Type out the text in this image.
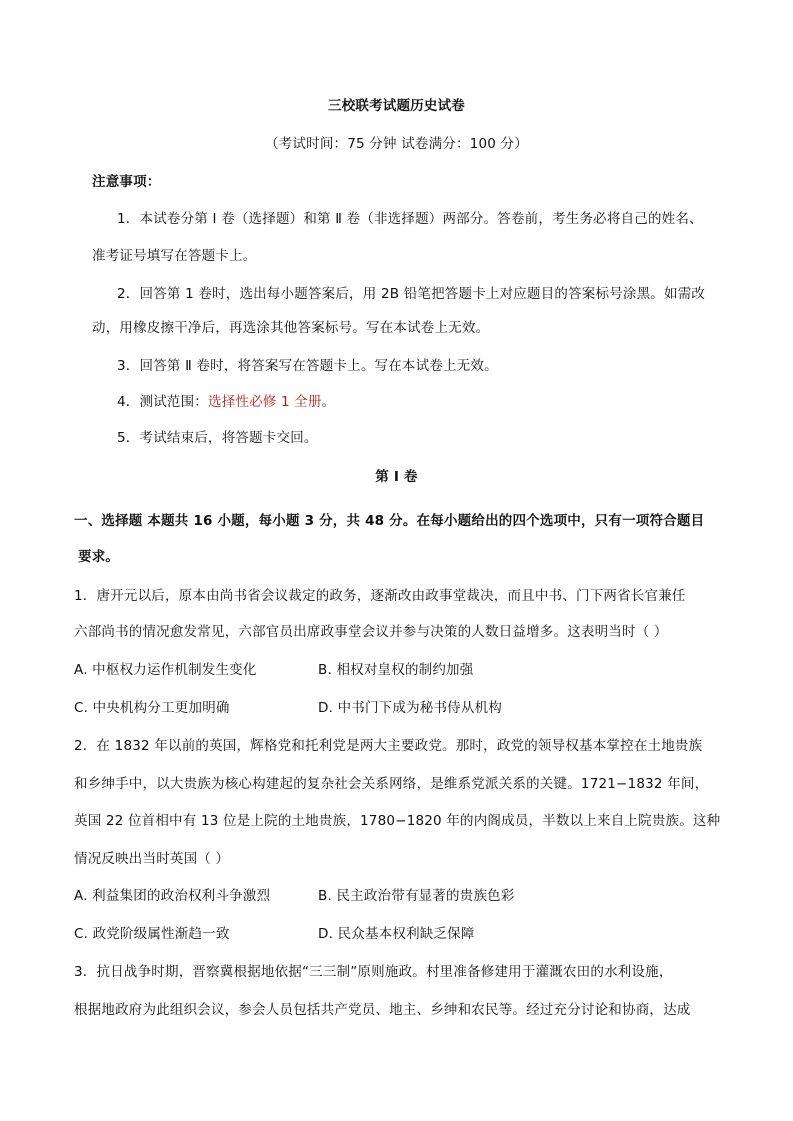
三校联考试题历史试卷
（考试时间：75 分钟 试卷满分：100 分）
注意事项：
1．本试卷分第 Ⅰ 卷（选择题）和第 Ⅱ 卷（非选择题）两部分。答卷前，考生务必将自己的姓名、
准考证号填写在答题卡上。
2．回答第 1 卷时，选出每小题答案后，用 2B 铅笔把答题卡上对应题目的答案标号涂黑。如需改
动，用橡皮擦干净后，再选涂其他答案标号。写在本试卷上无效。
3．回答第 Ⅱ 卷时，将答案写在答题卡上。写在本试卷上无效。
4．测试范围：选择性必修 1 全册。
5．考试结束后，将答题卡交回。
第 Ⅰ 卷
一、选择题 本题共 16 小题，每小题 3 分，共 48 分。在每小题给出的四个选项中，只有一项符合题目
要求。
1．唐开元以后，原本由尚书省会议裁定的政务，逐渐改由政事堂裁决，而且中书、门下两省长官兼任
六部尚书的情况愈发常见，六部官员出席政事堂会议并参与决策的人数日益增多。这表明当时（ ）
A. 中枢权力运作机制发生变化	B. 相权对皇权的制约加强
C. 中央机构分工更加明确	D. 中书门下成为秘书侍从机构
2．在 1832 年以前的英国，辉格党和托利党是两大主要政党。那时，政党的领导权基本掌控在土地贵族
和乡绅手中，以大贵族为核心构建起的复杂社会关系网络，是维系党派关系的关键。1721−1832 年间，
英国 22 位首相中有 13 位是上院的土地贵族，1780−1820 年的内阁成员，半数以上来自上院贵族。这种
情况反映出当时英国（ ）
A. 利益集团的政治权利斗争激烈	B. 民主政治带有显著的贵族色彩
C. 政党阶级属性渐趋一致	D. 民众基本权利缺乏保障
3．抗日战争时期，晋察冀根据地依据“三三制”原则施政。村里准备修建用于灌溉农田的水利设施，
根据地政府为此组织会议，参会人员包括共产党员、地主、乡绅和农民等。经过充分讨论和协商，达成
